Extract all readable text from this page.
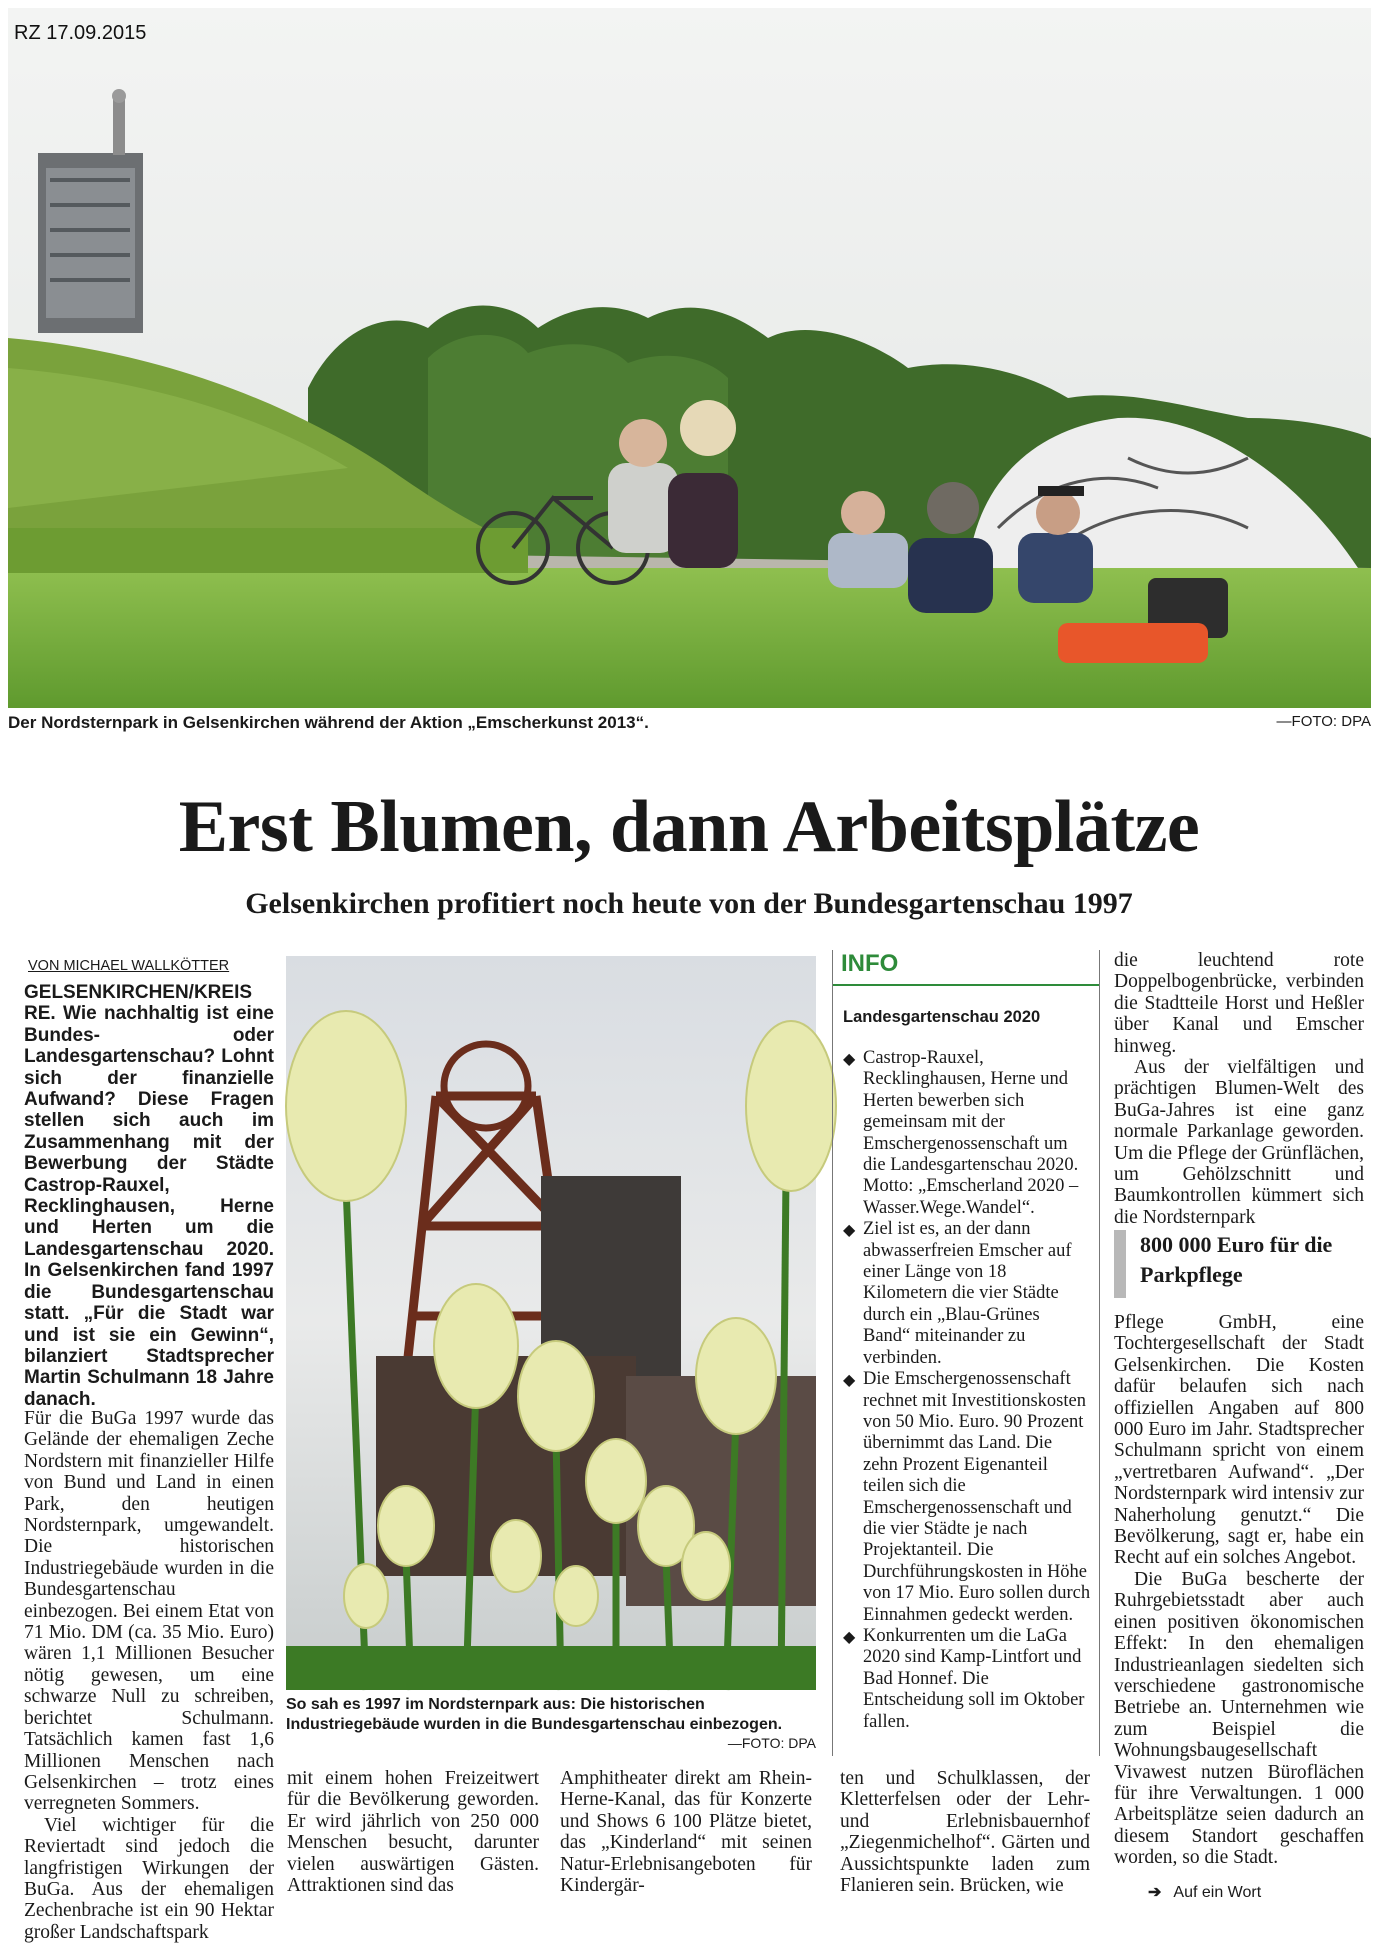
RZ 17.09.2015
Der Nordsternpark in Gelsenkirchen während der Aktion „Emscherkunst 2013“.	—FOTO: DPA
Erst Blumen, dann Arbeitsplätze
Gelsenkirchen profitiert noch heute von der Bundesgartenschau 1997
VON MICHAEL WALLKÖTTER
GELSENKIRCHEN/KREIS RE. Wie nachhaltig ist eine Bundes- oder Landesgartenschau? Lohnt sich der finanzielle Aufwand? Diese Fragen stellen sich auch im Zusammenhang mit der Bewerbung der Städte Castrop-Rauxel, Recklinghausen, Herne und Herten um die Landesgartenschau 2020. In Gelsenkirchen fand 1997 die Bundesgartenschau statt. „Für die Stadt war und ist sie ein Gewinn“, bilanziert Stadtsprecher Martin Schulmann 18 Jahre danach.

Für die BuGa 1997 wurde das Gelände der ehemaligen Zeche Nordstern mit finanzieller Hilfe von Bund und Land in einen Park, den heutigen Nordsternpark, umgewandelt. Die historischen Industriegebäude wurden in die Bundesgartenschau einbezogen. Bei einem Etat von 71 Mio. DM (ca. 35 Mio. Euro) wären 1,1 Millionen Besucher nötig gewesen, um eine schwarze Null zu schreiben, berichtet Schulmann. Tatsächlich kamen fast 1,6 Millionen Menschen nach Gelsenkirchen – trotz eines verregneten Sommers.

Viel wichtiger für die Reviertadt sind jedoch die langfristigen Wirkungen der BuGa. Aus der ehemaligen Zechenbrache ist ein 90 Hektar großer Landschaftspark

So sah es 1997 im Nordsternpark aus: Die historischen Industriegebäude wurden in die Bundesgartenschau einbezogen.
—FOTO: DPA
mit einem hohen Freizeitwert für die Bevölkerung geworden. Er wird jährlich von 250 000 Menschen besucht, darunter vielen auswärtigen Gästen. Attraktionen sind das
Amphitheater direkt am Rhein-Herne-Kanal, das für Konzerte und Shows 6 100 Plätze bietet, das „Kinderland“ mit seinen Natur-Erlebnisangeboten für Kindergär-
ten und Schulklassen, der Kletterfelsen oder der Lehr- und Erlebnisbauernhof „Ziegenmichelhof“. Gärten und Aussichtspunkte laden zum Flanieren sein. Brücken, wie
INFO
Landesgartenschau 2020
◆ Castrop-Rauxel, Recklinghausen, Herne und Herten bewerben sich gemeinsam mit der Emschergenossenschaft um die Landesgartenschau 2020. Motto: „Emscherland 2020 – Wasser.Wege.Wandel“.
◆ Ziel ist es, an der dann abwasserfreien Emscher auf einer Länge von 18 Kilometern die vier Städte durch ein „Blau-Grünes Band“ miteinander zu verbinden.
◆ Die Emschergenossenschaft rechnet mit Investitionskosten von 50 Mio. Euro. 90 Prozent übernimmt das Land. Die zehn Prozent Eigenanteil teilen sich die Emschergenossenschaft und die vier Städte je nach Projektanteil. Die Durchführungskosten in Höhe von 17 Mio. Euro sollen durch Einnahmen gedeckt werden.
◆ Konkurrenten um die LaGa 2020 sind Kamp-Lintfort und Bad Honnef. Die Entscheidung soll im Oktober fallen.

die leuchtend rote Doppelbogenbrücke, verbinden die Stadtteile Horst und Heßler über Kanal und Emscher hinweg.

Aus der vielfältigen und prächtigen Blumen-Welt des BuGa-Jahres ist eine ganz normale Parkanlage geworden. Um die Pflege der Grünflächen, um Gehölzschnitt und Baumkontrollen kümmert sich die Nordsternpark

800 000 Euro für die Parkpflege

Pflege GmbH, eine Tochtergesellschaft der Stadt Gelsenkirchen. Die Kosten dafür belaufen sich nach offiziellen Angaben auf 800 000 Euro im Jahr. Stadtsprecher Schulmann spricht von einem „vertretbaren Aufwand“. „Der Nordsternpark wird intensiv zur Naherholung genutzt.“ Die Bevölkerung, sagt er, habe ein Recht auf ein solches Angebot.

Die BuGa bescherte der Ruhrgebietsstadt aber auch einen positiven ökonomischen Effekt: In den ehemaligen Industrieanlagen siedelten sich verschiedene gastronomische Betriebe an. Unternehmen wie zum Beispiel die Wohnungsbaugesellschaft Vivawest nutzen Büroflächen für ihre Verwaltungen. 1 000 Arbeitsplätze seien dadurch an diesem Standort geschaffen worden, so die Stadt.

➔ Auf ein Wort
